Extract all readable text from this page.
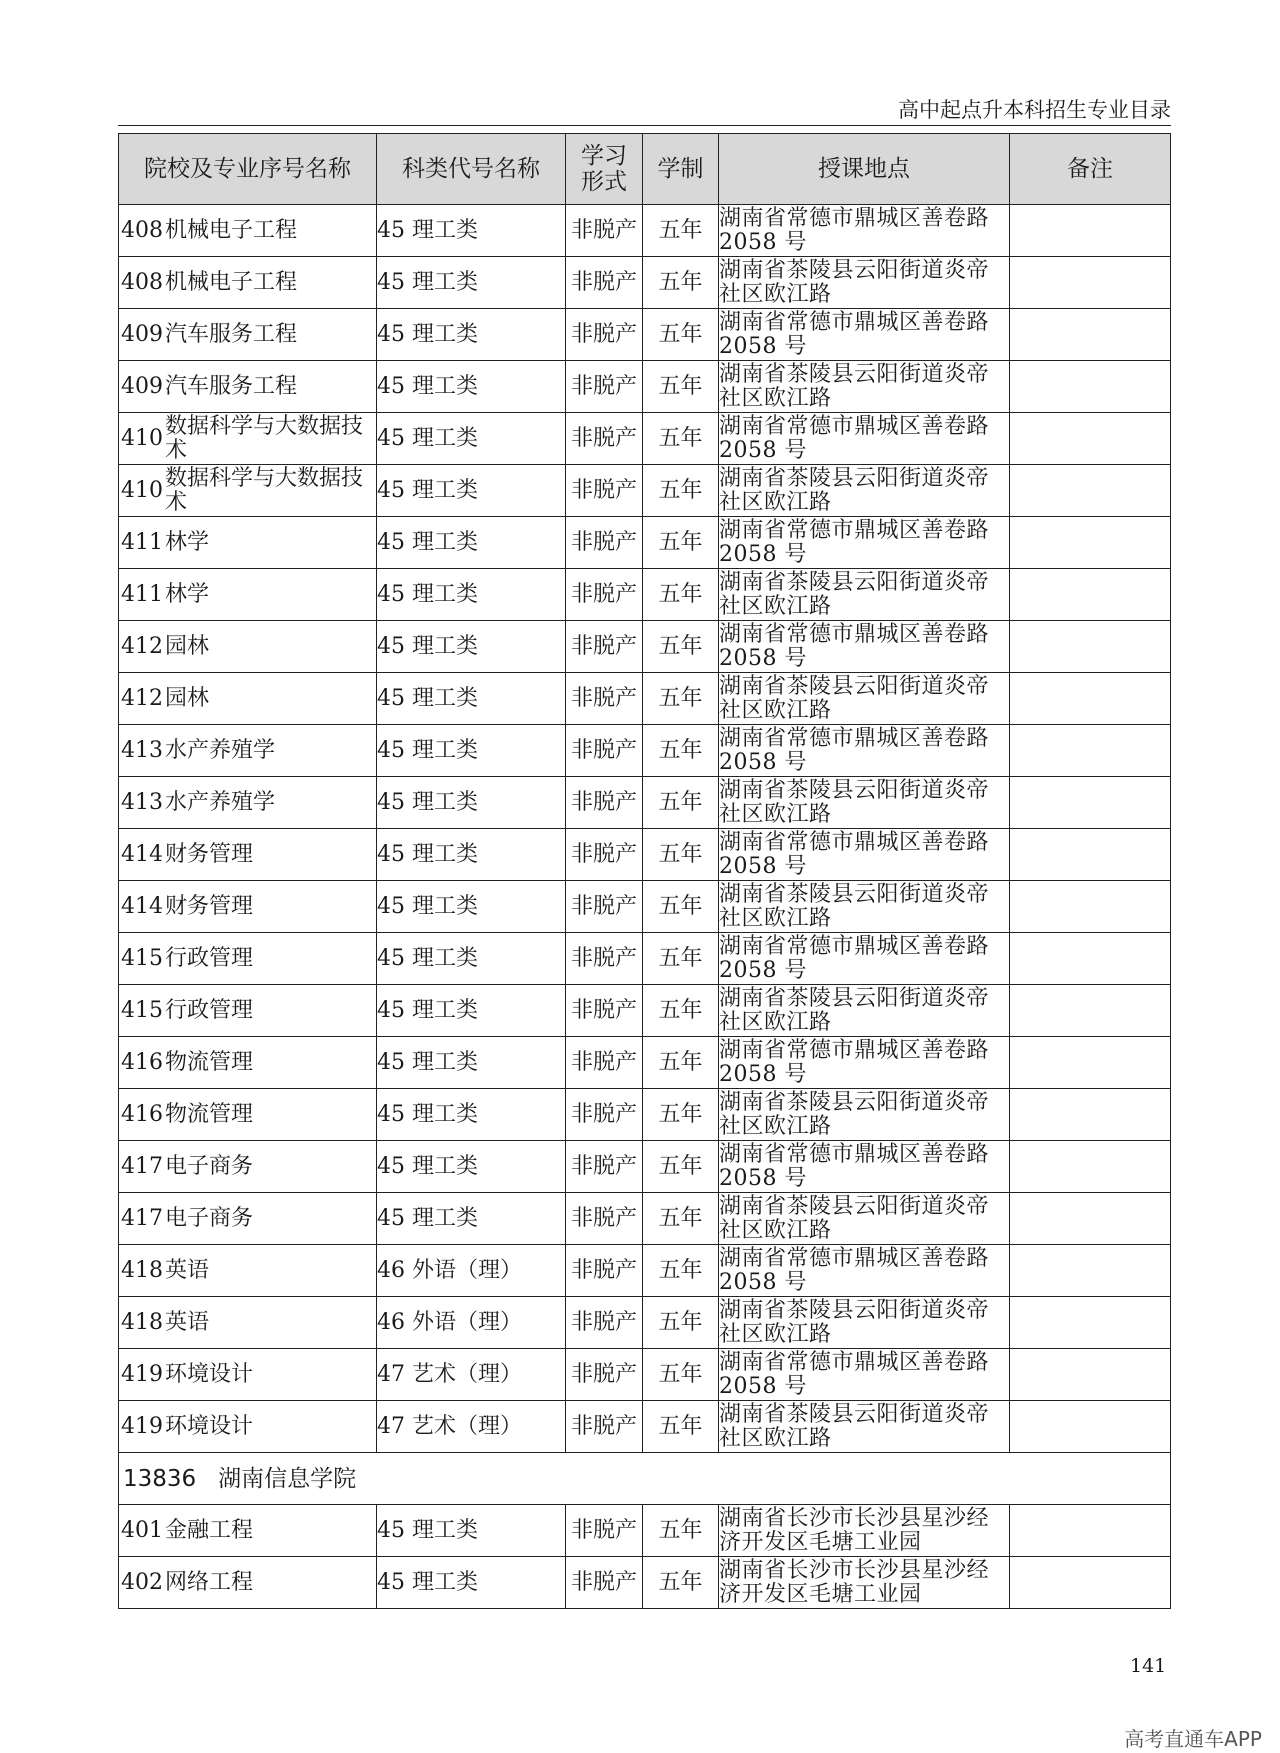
高中起点升本科招生专业目录
院校及专业序号名称	科类代号名称	学习形式	学制	授课地点	备注

408 机械电子工程	45 理工类	非脱产	五年	湖南省常德市鼎城区善卷路2058 号	

408 机械电子工程	45 理工类	非脱产	五年	湖南省茶陵县云阳街道炎帝社区欧江路	

409 汽车服务工程	45 理工类	非脱产	五年	湖南省常德市鼎城区善卷路2058 号	

409 汽车服务工程	45 理工类	非脱产	五年	湖南省茶陵县云阳街道炎帝社区欧江路	

410 数据科学与大数据技术	45 理工类	非脱产	五年	湖南省常德市鼎城区善卷路2058 号	

410 数据科学与大数据技术	45 理工类	非脱产	五年	湖南省茶陵县云阳街道炎帝社区欧江路	

411 林学	45 理工类	非脱产	五年	湖南省常德市鼎城区善卷路2058 号	

411 林学	45 理工类	非脱产	五年	湖南省茶陵县云阳街道炎帝社区欧江路	

412 园林	45 理工类	非脱产	五年	湖南省常德市鼎城区善卷路2058 号	

412 园林	45 理工类	非脱产	五年	湖南省茶陵县云阳街道炎帝社区欧江路	

413 水产养殖学	45 理工类	非脱产	五年	湖南省常德市鼎城区善卷路2058 号	

413 水产养殖学	45 理工类	非脱产	五年	湖南省茶陵县云阳街道炎帝社区欧江路	

414 财务管理	45 理工类	非脱产	五年	湖南省常德市鼎城区善卷路2058 号	

414 财务管理	45 理工类	非脱产	五年	湖南省茶陵县云阳街道炎帝社区欧江路	

415 行政管理	45 理工类	非脱产	五年	湖南省常德市鼎城区善卷路2058 号	

415 行政管理	45 理工类	非脱产	五年	湖南省茶陵县云阳街道炎帝社区欧江路	

416 物流管理	45 理工类	非脱产	五年	湖南省常德市鼎城区善卷路2058 号	

416 物流管理	45 理工类	非脱产	五年	湖南省茶陵县云阳街道炎帝社区欧江路	

417 电子商务	45 理工类	非脱产	五年	湖南省常德市鼎城区善卷路2058 号	

417 电子商务	45 理工类	非脱产	五年	湖南省茶陵县云阳街道炎帝社区欧江路	

418 英语	46 外语（理）	非脱产	五年	湖南省常德市鼎城区善卷路2058 号	

418 英语	46 外语（理）	非脱产	五年	湖南省茶陵县云阳街道炎帝社区欧江路	

419 环境设计	47 艺术（理）	非脱产	五年	湖南省常德市鼎城区善卷路2058 号	

419 环境设计	47 艺术（理）	非脱产	五年	湖南省茶陵县云阳街道炎帝社区欧江路	
13836 湖南信息学院					

401 金融工程	45 理工类	非脱产	五年	湖南省长沙市长沙县星沙经济开发区毛塘工业园	

402 网络工程	45 理工类	非脱产	五年	湖南省长沙市长沙县星沙经济开发区毛塘工业园	
141
高考直通车APP
